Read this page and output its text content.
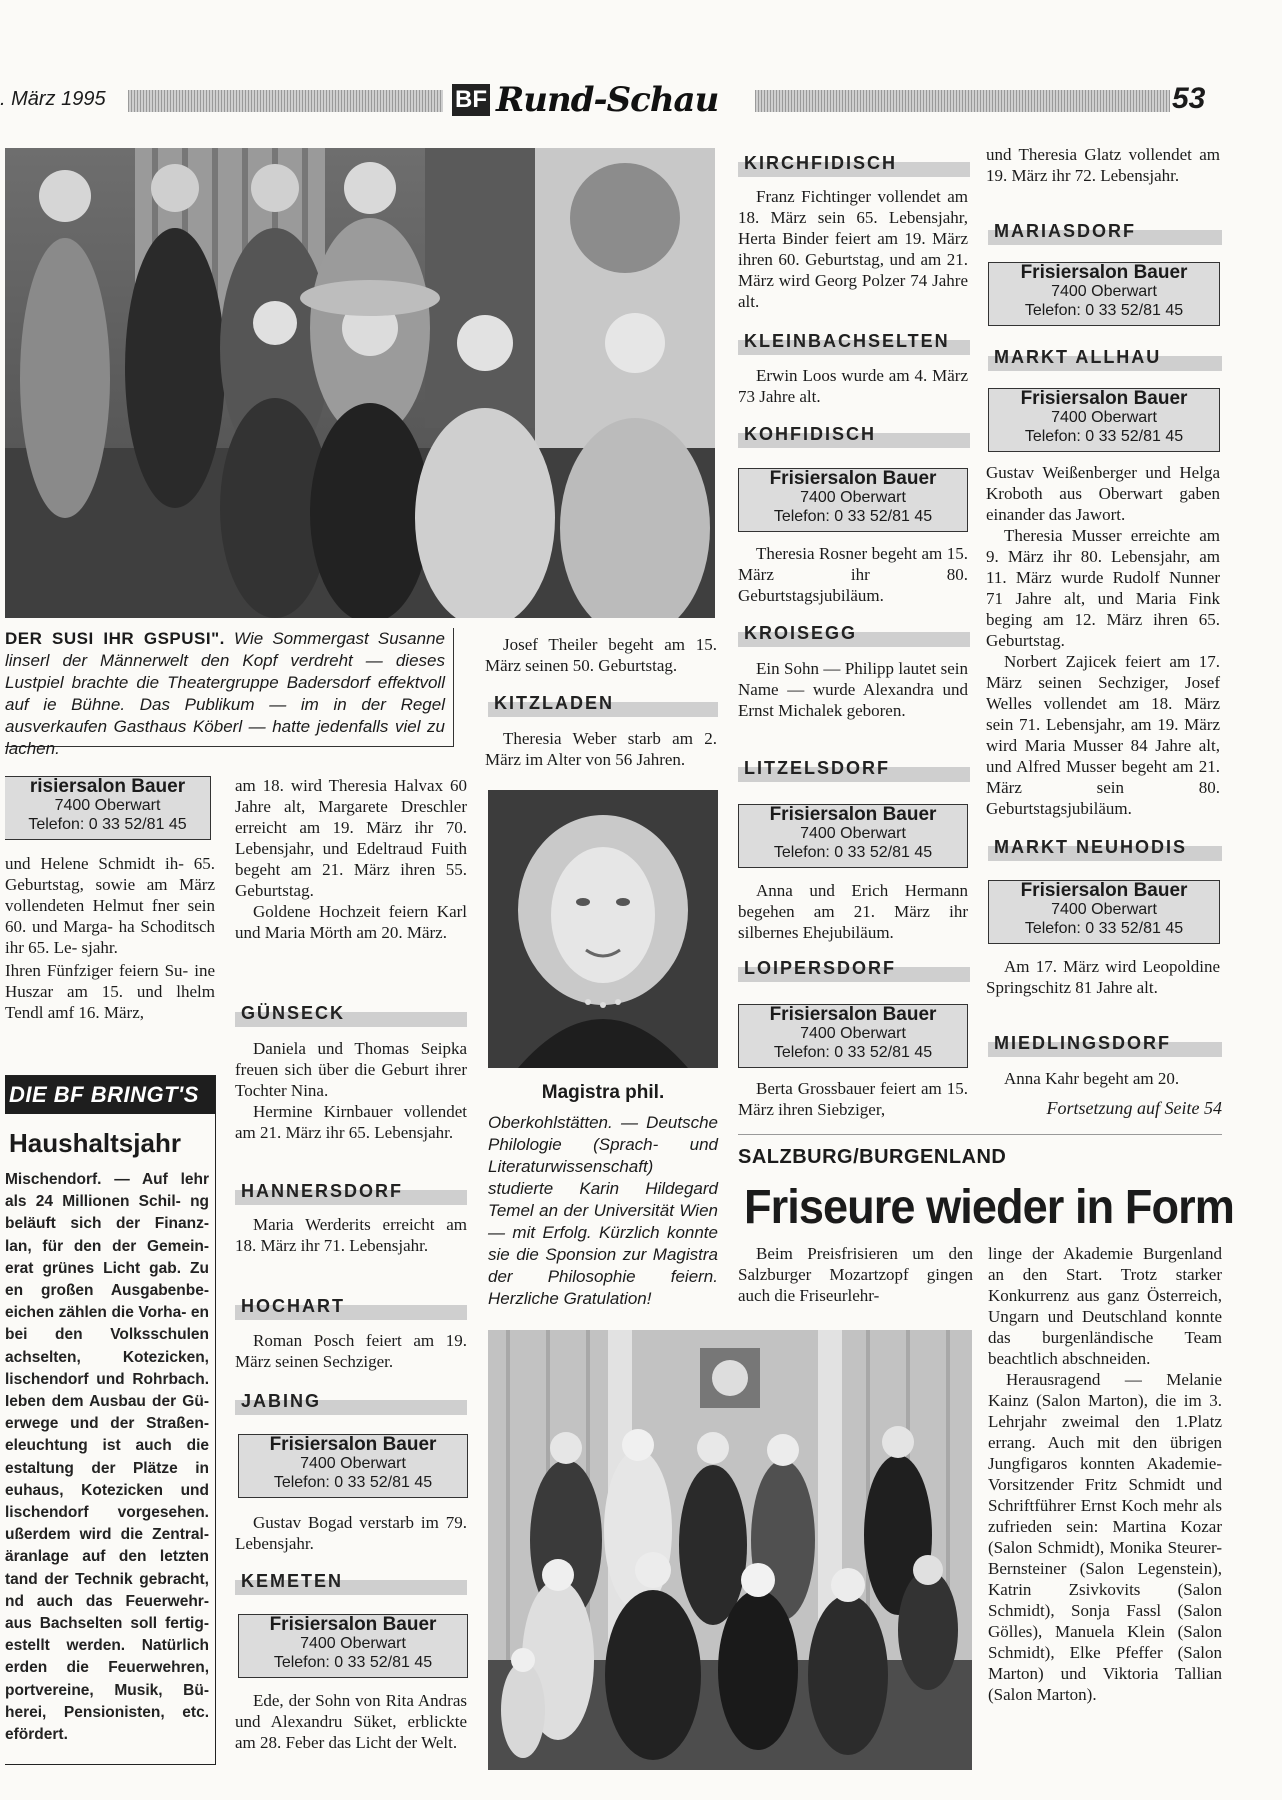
. März 1995	BF Rund-Schau	53
DER SUSI IHR GSPUSI". Wie Sommergast Susanne linserl der Männerwelt den Kopf verdreht — dieses Lustpiel brachte die Theatergruppe Badersdorf effektvoll auf ie Bühne. Das Publikum — im in der Regel ausverkaufen Gasthaus Köberl — hatte jedenfalls viel zu lachen.
risiersalon Bauer
7400 Oberwart
Telefon: 0 33 52/81 45

und Helene Schmidt ih- 65. Geburtstag, sowie am März vollendeten Helmut fner sein 60. und Marga- ha Schoditsch ihr 65. Le- sjahr.

Ihren Fünfziger feiern Su- ine Huszar am 15. und lhelm Tendl amf 16. März,

DIE BF BRINGT'S
Haushaltsjahr
Mischendorf. — Auf lehr als 24 Millionen Schil- ng beläuft sich der Finanz- lan, für den der Gemein- erat grünes Licht gab. Zu en großen Ausgabenbe- eichen zählen die Vorha- en bei den Volksschulen achselten, Kotezicken, lischendorf und Rohrbach. Ieben dem Ausbau der Gü- erwege und der Straßen- eleuchtung ist auch die estaltung der Plätze in euhaus, Kotezicken und lischendorf vorgesehen. ußerdem wird die Zentral- äranlage auf den letzten tand der Technik gebracht, nd auch das Feuerwehr- aus Bachselten soll fertig- estellt werden. Natürlich erden die Feuerwehren, portvereine, Musik, Bü- herei, Pensionisten, etc. efördert.

am 18. wird Theresia Halvax 60 Jahre alt, Margarete Dreschler erreicht am 19. März ihr 70. Lebensjahr, und Edeltraud Fuith begeht am 21. März ihren 55. Geburtstag.

Goldene Hochzeit feiern Karl und Maria Mörth am 20. März.

GÜNSECK

Daniela und Thomas Seipka freuen sich über die Geburt ihrer Tochter Nina.

Hermine Kirnbauer vollendet am 21. März ihr 65. Lebensjahr.

HANNERSDORF

Maria Werderits erreicht am 18. März ihr 71. Lebensjahr.

HOCHART

Roman Posch feiert am 19. März seinen Sechziger.

JABING
Frisiersalon Bauer
7400 Oberwart
Telefon: 0 33 52/81 45

Gustav Bogad verstarb im 79. Lebensjahr.

KEMETEN
Frisiersalon Bauer
7400 Oberwart
Telefon: 0 33 52/81 45

Ede, der Sohn von Rita Andras und Alexandru Süket, erblickte am 28. Feber das Licht der Welt.

Josef Theiler begeht am 15. März seinen 50. Geburtstag.

KITZLADEN

Theresia Weber starb am 2. März im Alter von 56 Jahren.

Magistra phil.
Oberkohlstätten. — Deutsche Philologie (Sprach- und Literaturwissenschaft) studierte Karin Hildegard Temel an der Universität Wien — mit Erfolg. Kürzlich konnte sie die Sponsion zur Magistra der Philosophie feiern. Herzliche Gratulation!
KIRCHFIDISCH

Franz Fichtinger vollendet am 18. März sein 65. Lebensjahr, Herta Binder feiert am 19. März ihren 60. Geburtstag, und am 21. März wird Georg Polzer 74 Jahre alt.

KLEINBACHSELTEN

Erwin Loos wurde am 4. März 73 Jahre alt.

KOHFIDISCH
Frisiersalon Bauer
7400 Oberwart
Telefon: 0 33 52/81 45

Theresia Rosner begeht am 15. März ihr 80. Geburtstagsjubiläum.

KROISEGG

Ein Sohn — Philipp lautet sein Name — wurde Alexandra und Ernst Michalek geboren.

LITZELSDORF
Frisiersalon Bauer
7400 Oberwart
Telefon: 0 33 52/81 45

Anna und Erich Hermann begehen am 21. März ihr silbernes Ehejubiläum.

LOIPERSDORF
Frisiersalon Bauer
7400 Oberwart
Telefon: 0 33 52/81 45

Berta Grossbauer feiert am 15. März ihren Siebziger,

und Theresia Glatz vollendet am 19. März ihr 72. Lebensjahr.

MARIASDORF
Frisiersalon Bauer
7400 Oberwart
Telefon: 0 33 52/81 45
MARKT ALLHAU
Frisiersalon Bauer
7400 Oberwart
Telefon: 0 33 52/81 45

Gustav Weißenberger und Helga Kroboth aus Oberwart gaben einander das Jawort.

Theresia Musser erreichte am 9. März ihr 80. Lebensjahr, am 11. März wurde Rudolf Nunner 71 Jahre alt, und Maria Fink beging am 12. März ihren 65. Geburtstag.

Norbert Zajicek feiert am 17. März seinen Sechziger, Josef Welles vollendet am 18. März sein 71. Lebensjahr, am 19. März wird Maria Musser 84 Jahre alt, und Alfred Musser begeht am 21. März sein 80. Geburtstagsjubiläum.

MARKT NEUHODIS
Frisiersalon Bauer
7400 Oberwart
Telefon: 0 33 52/81 45

Am 17. März wird Leopoldine Springschitz 81 Jahre alt.

MIEDLINGSDORF

Anna Kahr begeht am 20.

Fortsetzung auf Seite 54
SALZBURG/BURGENLAND
Friseure wieder in Form

Beim Preisfrisieren um den Salzburger Mozartzopf gingen auch die Friseurlehr-

linge der Akademie Burgenland an den Start. Trotz starker Konkurrenz aus ganz Österreich, Ungarn und Deutschland konnte das burgenländische Team beachtlich abschneiden.

Herausragend — Melanie Kainz (Salon Marton), die im 3. Lehrjahr zweimal den 1.Platz errang. Auch mit den übrigen Jungfigaros konnten Akademie-Vorsitzender Fritz Schmidt und Schriftführer Ernst Koch mehr als zufrieden sein: Martina Kozar (Salon Schmidt), Monika Steurer-Bernsteiner (Salon Legenstein), Katrin Zsivkovits (Salon Schmidt), Sonja Fassl (Salon Gölles), Manuela Klein (Salon Schmidt), Elke Pfeffer (Salon Marton) und Viktoria Tallian (Salon Marton).
